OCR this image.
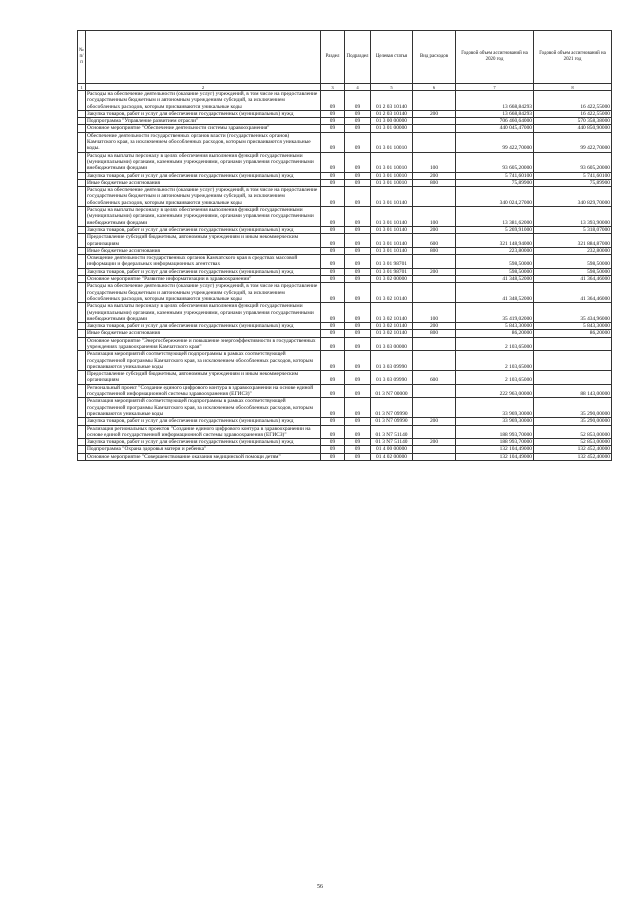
№ п/п		Раздел	Подраздел	Целевая статья	Вид расходов	Годовой объем ассигнований на 2020 год	Годовой объем ассигнований на 2021 год
1	2	3	4	5	6	7	8
	Расходы на обеспечение деятельности (оказание услуг) учреждений, в том числе на предоставление государственным бюджетным и автономным учреждениям субсидий, за исключением обособленных расходов, которым присваиваются уникальные коды	09	09	01 2 03 10140		13 668,84293	16 422,55000
	Закупка товаров, работ и услуг для обеспечения государственных (муниципальных) нужд	09	09	01 2 03 10140	200	13 668,84293	16 422,55000
	Подпрограмма "Управление развитием отрасли"	09	09	01 3 00 00000		706 460,64000	570 358,38000
	Основное мероприятие "Обеспечение деятельности системы здравоохранения"	09	09	01 3 01 00000		440 045,47000	440 850,90000
	Обеспечение деятельности государственных органов власти (государственных органов) Камчатского края, за исключением обособленных расходов, которым присваиваются уникальные коды.	09	09	01 3 01 10010		99 422,70000	99 422,70000
	Расходы на выплаты персоналу в целях обеспечения выполнения функций государственными (муниципальными) органами, казенными учреждениями, органами управления государственными внебюджетными фондами	09	09	01 3 01 10010	100	93 605,20000	93 605,20000
	Закупка товаров, работ и услуг для обеспечения государственных (муниципальных) нужд	09	09	01 3 01 10010	200	5 741,60100	5 741,60100
	Иные бюджетные ассигнования	09	09	01 3 01 10010	800	75,89900	75,89900
	Расходы на обеспечение деятельности (оказание услуг) учреждений, в том числе на предоставление государственным бюджетным и автономным учреждениям субсидий, за исключением обособленных расходов, которым присваиваются уникальные коды	09	09	01 3 01 10140		340 024,27000	340 829,70000
	Расходы на выплаты персоналу в целях обеспечения выполнения функций государственными (муниципальными) органами, казенными учреждениями, органами управления государственными внебюджетными фондами	09	09	01 3 01 10140	100	13 381,62000	13 393,90000
	Закупка товаров, работ и услуг для обеспечения государственных (муниципальных) нужд	09	09	01 3 01 10140	200	5 269,91000	5 318,07000
	Предоставление субсидий бюджетным, автономным учреждениям и иным некоммерческим организациям	09	09	01 3 01 10140	600	321 148,94000	321 884,87000
	Иные бюджетные ассигнования	09	09	01 3 01 10140	800	223,80000	232,80000
	Освещение деятельности государственных органов Камчатского края в средствах массовой информации и федеральных информационных агентствах	09	09	01 3 01 98701		598,50000	598,50000
	Закупка товаров, работ и услуг для обеспечения государственных (муниципальных) нужд	09	09	01 3 01 98701	200	598,50000	598,50000
	Основное мероприятие "Развитие информатизации в здравоохранении"	09	09	01 3 02 00000		41 348,52000	41 364,46000
	Расходы на обеспечение деятельности (оказание услуг) учреждений, в том числе на предоставление государственным бюджетным и автономным учреждениям субсидий, за исключением обособленных расходов, которым присваиваются уникальные коды	09	09	01 3 02 10140		41 348,52000	41 364,46000
	Расходы на выплаты персоналу в целях обеспечения выполнения функций государственными (муниципальными) органами, казенными учреждениями, органами управления государственными внебюджетными фондами	09	09	01 3 02 10140	100	35 419,02000	35 434,96000
	Закупка товаров, работ и услуг для обеспечения государственных (муниципальных) нужд	09	09	01 3 02 10140	200	5 843,30000	5 843,30000
	Иные бюджетные ассигнования	09	09	01 3 02 10140	800	86,20000	86,20000
	Основное мероприятие "Энергосбережение и повышение энергоэффективности в государственных учреждениях здравоохранения Камчатского края"	09	09	01 3 03 00000		2 103,65000	
	Реализация мероприятий соответствующей подпрограммы в рамках соответствующей государственной программы Камчатского края, за исключением обособленных расходов, которым присваиваются уникальные коды	09	09	01 3 03 09990		2 103,65000	
	Предоставление субсидий бюджетным, автономным учреждениям и иным некоммерческим организациям	09	09	01 3 03 09990	600	2 103,65000	
	Региональный проект "Создание единого цифрового контура в здравоохранении на основе единой государственной информационной системы здравоохранения (ЕГИСЗ)"	09	09	01 3 N7 00000		222 963,00000	88 143,00000
	Реализация мероприятий соответствующей подпрограммы в рамках соответствующей государственной программы Камчатского края, за исключением обособленных расходов, которым присваиваются уникальные коды	09	09	01 3 N7 09990		33 969,30000	35 290,00000
	Закупка товаров, работ и услуг для обеспечения государственных (муниципальных) нужд	09	09	01 3 N7 09990	200	33 969,30000	35 290,00000
	Реализация региональных проектов "Создание единого цифрового контура в здравоохранении на основе единой государственной информационной системы здравоохранения (ЕГИСЗ)"	09	09	01 3 N7 51140		188 993,70000	52 853,00000
	Закупка товаров, работ и услуг для обеспечения государственных (муниципальных) нужд	09	09	01 3 N7 51140	200	188 993,70000	52 853,00000
	Подпрограмма "Охрана здоровья матери и ребенка"	09	09	01 4 00 00000		132 104,49000	132 452,40000
	Основное мероприятие "Совершенствование оказания медицинской помощи детям"	09	09	01 4 02 00000		132 104,49000	132 452,40000
56
